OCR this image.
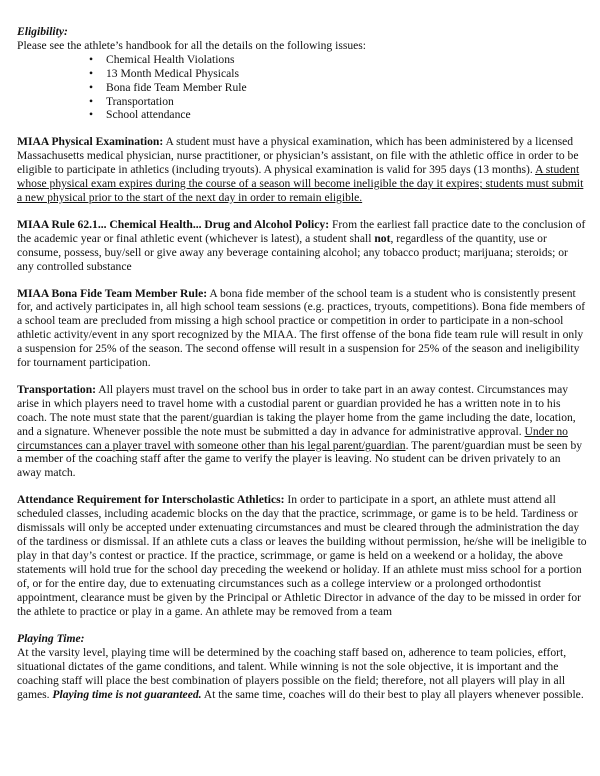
Eligibility:

Please see the athlete’s handbook for all the details on the following issues:

• Chemical Health Violations
• 13 Month Medical Physicals
• Bona fide Team Member Rule
• Transportation
• School attendance

MIAA Physical Examination: A student must have a physical examination, which has been administered by a licensed Massachusetts medical physician, nurse practitioner, or physician’s assistant, on file with the athletic office in order to be eligible to participate in athletics (including tryouts). A physical examination is valid for 395 days (13 months). A student whose physical exam expires during the course of a season will become ineligible the day it expires; students must submit a new physical prior to the start of the next day in order to remain eligible.

MIAA Rule 62.1... Chemical Health... Drug and Alcohol Policy: From the earliest fall practice date to the conclusion of the academic year or final athletic event (whichever is latest), a student shall not, regardless of the quantity, use or consume, possess, buy/sell or give away any beverage containing alcohol; any tobacco product; marijuana; steroids; or any controlled substance

MIAA Bona Fide Team Member Rule: A bona fide member of the school team is a student who is consistently present for, and actively participates in, all high school team sessions (e.g. practices, tryouts, competitions). Bona fide members of a school team are precluded from missing a high school practice or competition in order to participate in a non-school athletic activity/event in any sport recognized by the MIAA. The first offense of the bona fide team rule will result in only a suspension for 25% of the season. The second offense will result in a suspension for 25% of the season and ineligibility for tournament participation.

Transportation: All players must travel on the school bus in order to take part in an away contest. Circumstances may arise in which players need to travel home with a custodial parent or guardian provided he has a written note in to his coach. The note must state that the parent/guardian is taking the player home from the game including the date, location, and a signature. Whenever possible the note must be submitted a day in advance for administrative approval. Under no circumstances can a player travel with someone other than his legal parent/guardian. The parent/guardian must be seen by a member of the coaching staff after the game to verify the player is leaving. No student can be driven privately to an away match.

Attendance Requirement for Interscholastic Athletics: In order to participate in a sport, an athlete must attend all scheduled classes, including academic blocks on the day that the practice, scrimmage, or game is to be held. Tardiness or dismissals will only be accepted under extenuating circumstances and must be cleared through the administration the day of the tardiness or dismissal. If an athlete cuts a class or leaves the building without permission, he/she will be ineligible to play in that day’s contest or practice. If the practice, scrimmage, or game is held on a weekend or a holiday, the above statements will hold true for the school day preceding the weekend or holiday. If an athlete must miss school for a portion of, or for the entire day, due to extenuating circumstances such as a college interview or a prolonged orthodontist appointment, clearance must be given by the Principal or Athletic Director in advance of the day to be missed in order for the athlete to practice or play in a game. An athlete may be removed from a team

Playing Time:

At the varsity level, playing time will be determined by the coaching staff based on, adherence to team policies, effort, situational dictates of the game conditions, and talent. While winning is not the sole objective, it is important and the coaching staff will place the best combination of players possible on the field; therefore, not all players will play in all games. Playing time is not guaranteed. At the same time, coaches will do their best to play all players whenever possible.
